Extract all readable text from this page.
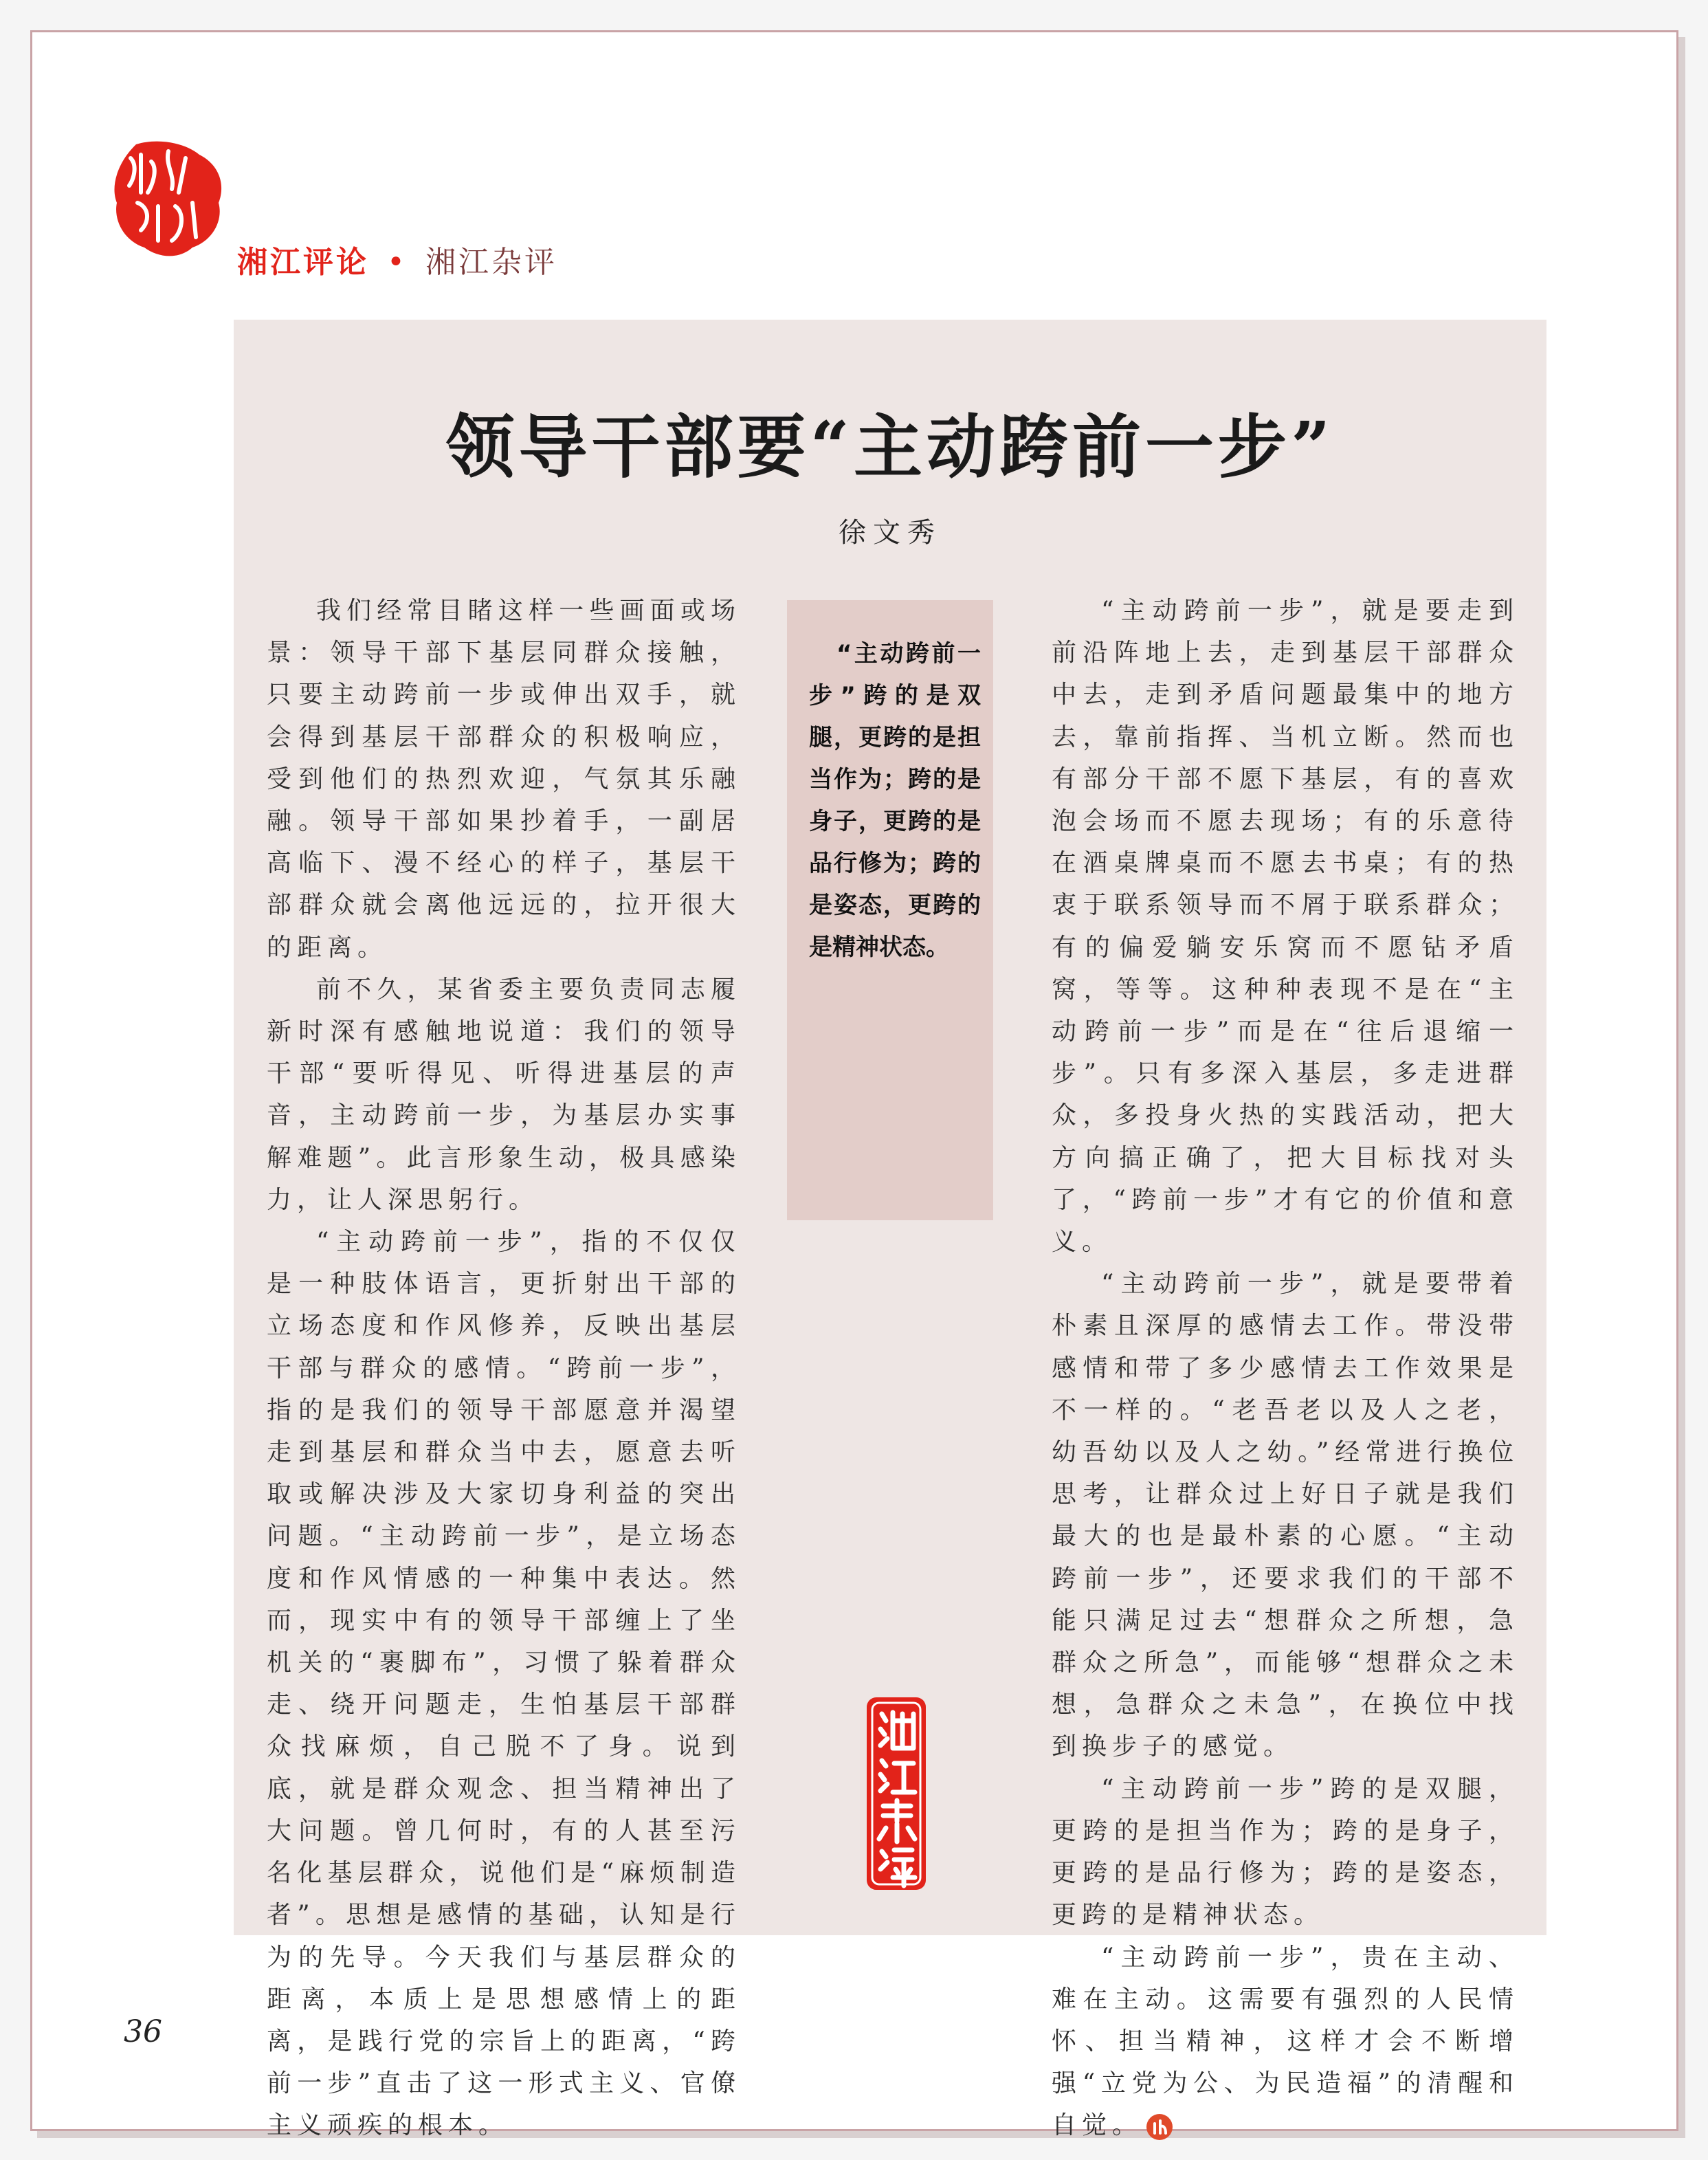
湘江评论 • 湘江杂评
领导干部要“主动跨前一步”
徐文秀

我们经常目睹这样一些画面或场景：领导干部下基层同群众接触，只要主动跨前一步或伸出双手，就会得到基层干部群众的积极响应，受到他们的热烈欢迎，气氛其乐融融。领导干部如果抄着手，一副居高临下、漫不经心的样子，基层干部群众就会离他远远的，拉开很大的距离。

前不久，某省委主要负责同志履新时深有感触地说道：我们的领导干部“要听得见、听得进基层的声音，主动跨前一步，为基层办实事解难题”。此言形象生动，极具感染力，让人深思躬行。

“主动跨前一步”，指的不仅仅是一种肢体语言，更折射出干部的立场态度和作风修养，反映出基层干部与群众的感情。“跨前一步”，指的是我们的领导干部愿意并渴望走到基层和群众当中去，愿意去听取或解决涉及大家切身利益的突出问题。“主动跨前一步”，是立场态度和作风情感的一种集中表达。然而，现实中有的领导干部缠上了坐机关的“裹脚布”，习惯了躲着群众走、绕开问题走，生怕基层干部群众找麻烦，自己脱不了身。说到底，就是群众观念、担当精神出了大问题。曾几何时，有的人甚至污名化基层群众，说他们是“麻烦制造者”。思想是感情的基础，认知是行为的先导。今天我们与基层群众的距离，本质上是思想感情上的距离，是践行党的宗旨上的距离，“跨前一步”直击了这一形式主义、官僚主义顽疾的根本。

“主动跨前一步”跨的是双腿，更跨的是担当作为；跨的是身子，更跨的是品行修为；跨的是姿态，更跨的是精神状态。

“主动跨前一步”，就是要走到前沿阵地上去，走到基层干部群众中去，走到矛盾问题最集中的地方去，靠前指挥、当机立断。然而也有部分干部不愿下基层，有的喜欢泡会场而不愿去现场；有的乐意待在酒桌牌桌而不愿去书桌；有的热衷于联系领导而不屑于联系群众；有的偏爱躺安乐窝而不愿钻矛盾窝，等等。这种种表现不是在“主动跨前一步”而是在“往后退缩一步”。只有多深入基层，多走进群众，多投身火热的实践活动，把大方向搞正确了，把大目标找对头了，“跨前一步”才有它的价值和意义。

“主动跨前一步”，就是要带着朴素且深厚的感情去工作。带没带感情和带了多少感情去工作效果是不一样的。“老吾老以及人之老，幼吾幼以及人之幼。”经常进行换位思考，让群众过上好日子就是我们最大的也是最朴素的心愿。“主动跨前一步”，还要求我们的干部不能只满足过去“想群众之所想，急群众之所急”，而能够“想群众之未想，急群众之未急”，在换位中找到换步子的感觉。

“主动跨前一步”跨的是双腿，更跨的是担当作为；跨的是身子，更跨的是品行修为；跨的是姿态，更跨的是精神状态。

“主动跨前一步”，贵在主动、难在主动。这需要有强烈的人民情怀、担当精神，这样才会不断增强“立党为公、为民造福”的清醒和自觉。

36
